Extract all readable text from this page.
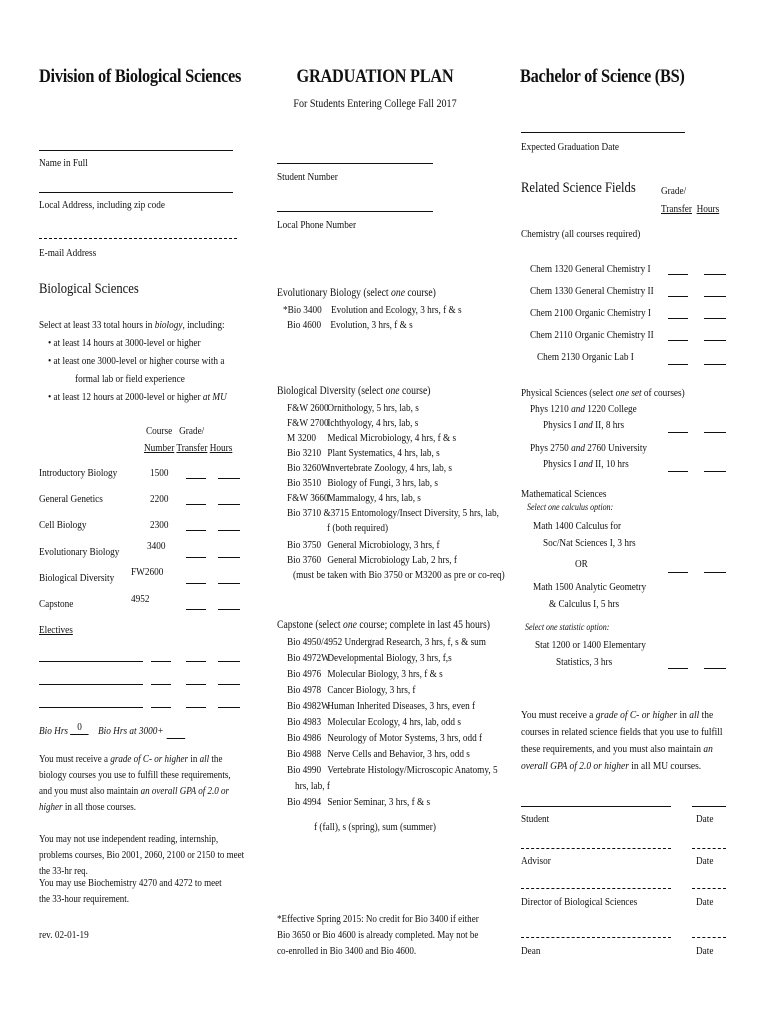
Division of Biological Sciences	GRADUATION PLAN
For Students Entering College Fall 2017
Bachelor of Science (BS)
Expected Graduation Date
Name in Full
Local Address, including zip code
E-mail Address
Student Number
Local Phone Number
Biological Sciences
Select at least 33 total hours in biology, including:
• at least 14 hours at 3000-level or higher
• at least one 3000-level or higher course with a
formal lab or field experience
• at least 12 hours at 2000-level or higher at MU
Course Grade/
Number Transfer Hours
Introductory Biology	1500
General Genetics	2200
Cell Biology	2300
Evolutionary Biology	3400
Biological Diversity FW2600
Capstone	4952
Electives
Bio Hrs 0 Bio Hrs at 3000+
You must receive a grade of C- or higher in all the biology courses you use to fulfill these requirements, and you must also maintain an overall GPA of 2.0 or higher in all those courses.
You may not use independent reading, internship, problems courses, Bio 2001, 2060, 2100 or 2150 to meet the 33-hr req.
You may use Biochemistry 4270 and 4272 to meet the 33-hour requirement.
rev. 02-01-19
Evolutionary Biology (select one course)
*Bio 3400 Evolution and Ecology, 3 hrs, f & s
Bio 4600 Evolution, 3 hrs, f & s
Biological Diversity (select one course)
F&W 2600Ornithology, 5 hrs, lab, s
F&W 2700Ichthyology, 4 hrs, lab, s
M 3200 Medical Microbiology, 4 hrs, f & s
Bio 3210 Plant Systematics, 4 hrs, lab, s
Bio 3260WInvertebrate Zoology, 4 hrs, lab, s
Bio 3510 Biology of Fungi, 3 hrs, lab, s
F&W 3660Mammalogy, 4 hrs, lab, s
Bio 3710 &3715 Entomology/Insect Diversity, 5 hrs, lab,
f (both required)
Bio 3750 General Microbiology, 3 hrs, f
Bio 3760 General Microbiology Lab, 2 hrs, f
(must be taken with Bio 3750 or M3200 as pre or co-req)
Capstone (select one course; complete in last 45 hours)
Bio 4950/4952 Undergrad Research, 3 hrs, f, s & sum
Bio 4972WDevelopmental Biology, 3 hrs, f,s
Bio 4976 Molecular Biology, 3 hrs, f & s
Bio 4978 Cancer Biology, 3 hrs, f
Bio 4982WHuman Inherited Diseases, 3 hrs, even f
Bio 4983 Molecular Ecology, 4 hrs, lab, odd s
Bio 4986 Neurology of Motor Systems, 3 hrs, odd f
Bio 4988 Nerve Cells and Behavior, 3 hrs, odd s
Bio 4990 Vertebrate Histology/Microscopic Anatomy, 5
hrs, lab, f
Bio 4994 Senior Seminar, 3 hrs, f & s
f (fall), s (spring), sum (summer)
*Effective Spring 2015: No credit for Bio 3400 if either Bio 3650 or Bio 4600 is already completed. May not be co-enrolled in Bio 3400 and Bio 4600.
Related Science Fields Grade/
Transfer Hours
Chemistry (all courses required)
Chem 1320 General Chemistry I
Chem 1330 General Chemistry II
Chem 2100 Organic Chemistry I
Chem 2110 Organic Chemistry II
Chem 2130 Organic Lab I
Physical Sciences (select one set of courses)
Phys 1210 and 1220 College
Physics I and II, 8 hrs
Phys 2750 and 2760 University
Physics I and II, 10 hrs
Mathematical Sciences
Select one calculus option:
Math 1400 Calculus for
Soc/Nat Sciences I, 3 hrs
OR
Math 1500 Analytic Geometry
& Calculus I, 5 hrs
Select one statistic option:
Stat 1200 or 1400 Elementary
Statistics, 3 hrs
You must receive a grade of C- or higher in all the courses in related science fields that you use to fulfill these requirements, and you must also maintain an overall GPA of 2.0 or higher in all MU courses.
Student	Date
Advisor	Date
Director of Biological Sciences	Date
Dean	Date
